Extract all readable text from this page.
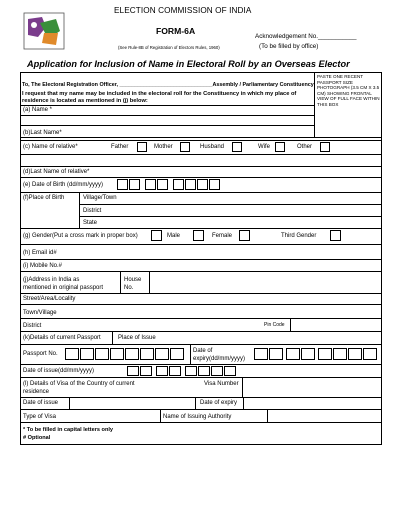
ELECTION COMMISSION OF INDIA
FORM-6A
(See Rule-8B of Registration of Electors Rules, 1960)
Acknowledgement No.___________
(To be filled by office)
Application for Inclusion of Name in Electoral Roll by an Overseas Elector
PASTE ONE RECENT PASSPORT SIZE PHOTOGRAPH (3.5 CM X 3.5 CM) SHOWING FRONTAL VIEW OF FULL FACE WITHIN THIS BOX
To, The Electoral Registration Officer, _______________________________Assembly / Parliamentary Constituency
I request that my name may be included in the electoral roll for the Constituency in which my place of
residence is located as mentioned in (j) below:
(a) Name *
(b)Last Name*
(c) Name of relative*	Father	Mother	Husband	Wife	Other
(d)Last Name of relative*
(e) Date of Birth (dd/mm/yyyy)
(f)Place of Birth	Village/Town
District
State
(g) Gender(Put a cross mark in proper box)	Male	Female	Third Gender
(h) Email id#
(i) Mobile No.#
(j)Address in India as
mentioned in original passport
House
No.
Street/Area/Locality
Town/Village
District	Pin Code
(k)Details of current Passport	Place of Issue
Passport No.	Date of
expiry(dd/mm/yyyy)
Date of issue(dd/mm/yyyy)
(l) Details of Visa of the Country of current
residence
Visa Number
Date of issue	Date of expiry
Type of Visa	Name of Issuing Authority
* To be filled in capital letters only
# Optional
